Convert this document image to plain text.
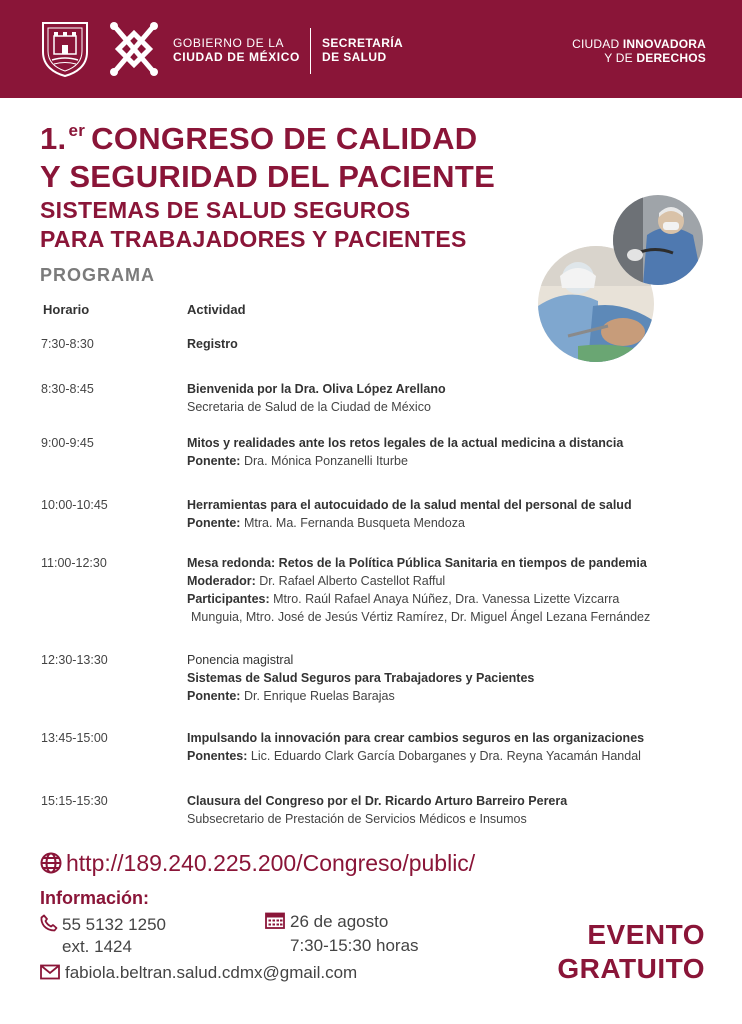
GOBIERNO DE LA
CIUDAD DE MÉXICO
SECRETARÍA
DE SALUD
CIUDAD INNOVADORA
Y DE DERECHOS
1. $^{er}$ CONGRESO DE CALIDAD
Y SEGURIDAD DEL PACIENTE
SISTEMAS DE SALUD SEGUROS
PARA TRABAJADORES Y PACIENTES
PROGRAMA
Horario	Actividad
7:30-8:30	Registro
8:30-8:45	Bienvenida por la Dra. Oliva López Arellano
Secretaria de Salud de la Ciudad de México
9:00-9:45	Mitos y realidades ante los retos legales de la actual medicina a distancia
Ponente: Dra. Mónica Ponzanelli Iturbe
10:00-10:45	Herramientas para el autocuidado de la salud mental del personal de salud
Ponente: Mtra. Ma. Fernanda Busqueta Mendoza
11:00-12:30	Mesa redonda: Retos de la Política Pública Sanitaria en tiempos de pandemia
Moderador: Dr. Rafael Alberto Castellot Rafful
Participantes: Mtro. Raúl Rafael Anaya Núñez, Dra. Vanessa Lizette Vizcarra
Munguia, Mtro. José de Jesús Vértiz Ramírez, Dr. Miguel Ángel Lezana Fernández
12:30-13:30	Ponencia magistral
Sistemas de Salud Seguros para Trabajadores y Pacientes
Ponente: Dr. Enrique Ruelas Barajas
13:45-15:00	Impulsando la innovación para crear cambios seguros en las organizaciones
Ponentes: Lic. Eduardo Clark García Dobarganes y Dra. Reyna Yacamán Handal
15:15-15:30	Clausura del Congreso por el Dr. Ricardo Arturo Barreiro Perera
Subsecretario de Prestación de Servicios Médicos e Insumos
http://189.240.225.200/Congreso/public/
Información:
55 5132 1250
ext. 1424
26 de agosto
7:30-15:30 horas
fabiola.beltran.salud.cdmx@gmail.com
EVENTO
GRATUITO
